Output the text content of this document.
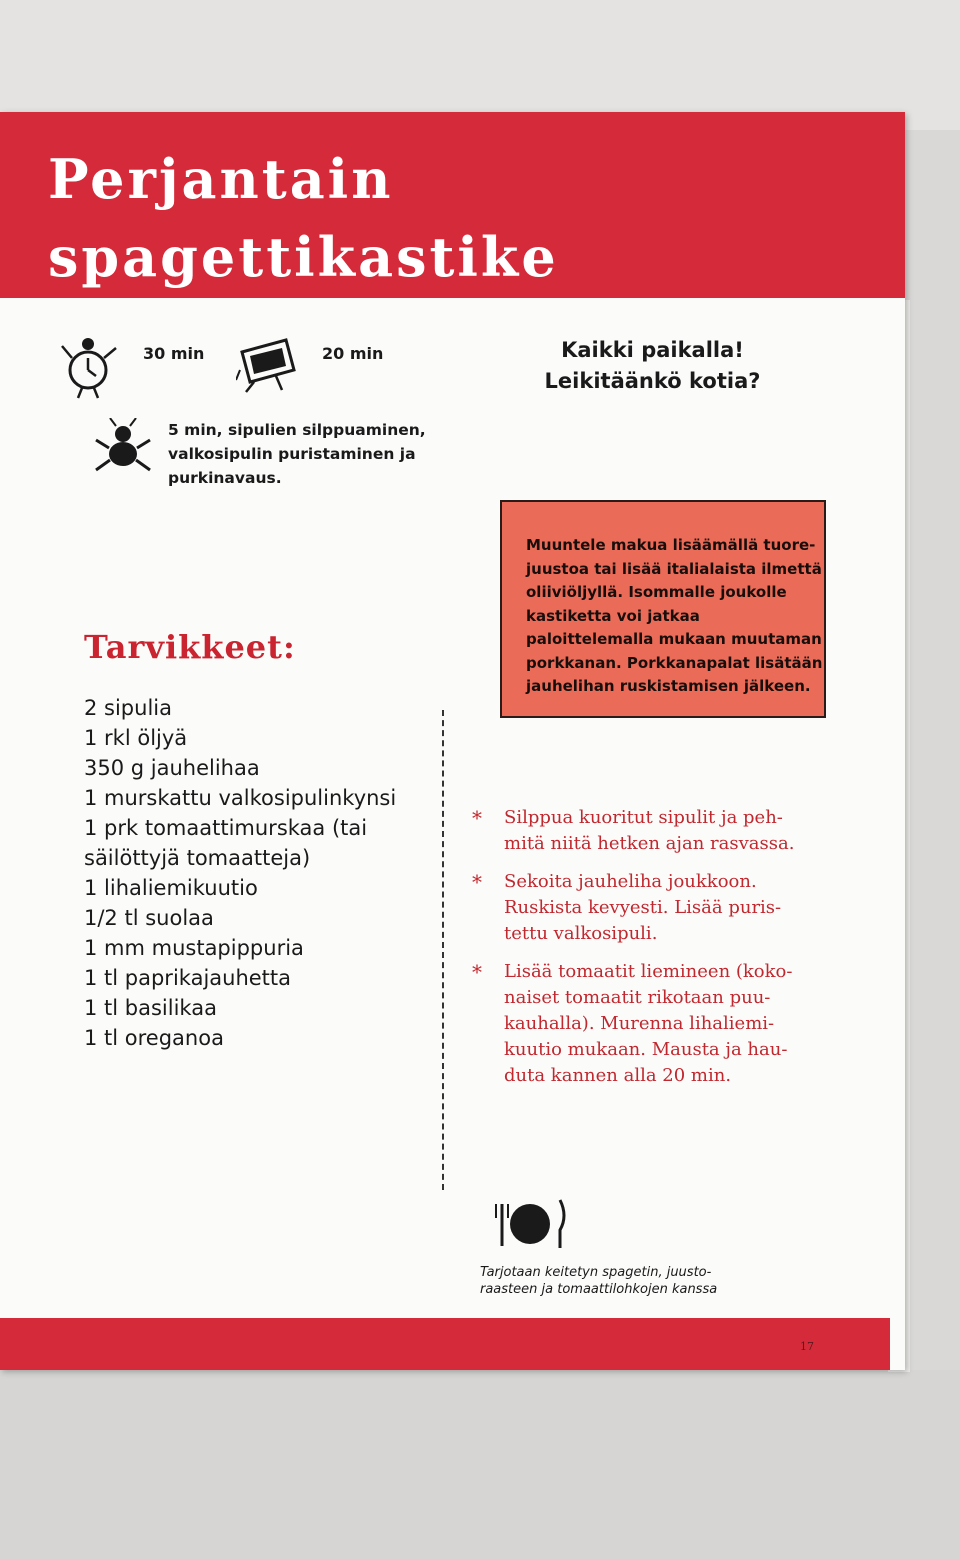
Perjantain
spagettikastike
30 min	20 min
5 min, sipulien silppuaminen, valkosipulin puristaminen ja purkinavaus.
Kaikki paikalla!
Leikitäänkö kotia?
Muuntele makua lisäämällä tuorejuustoa tai lisää italialaista ilmettä oliiviöljyllä. Isommalle joukolle kastiketta voi jatkaa paloittelemalla mukaan muutaman porkkanan. Porkkanapalat lisätään jauhelihan ruskistamisen jälkeen.
Tarvikkeet:
2 sipulia
1 rkl öljyä
350 g jauhelihaa
1 murskattu valkosipulinkynsi
1 prk tomaattimurskaa (tai
säilöttyjä tomaatteja)
1 lihaliemikuutio
1/2 tl suolaa
1 mm mustapippuria
1 tl paprikajauhetta
1 tl basilikaa
1 tl oreganoa
* Silppua kuoritut sipulit ja pehmitä niitä hetken ajan rasvassa.
* Sekoita jauheliha joukkoon. Ruskista kevyesti. Lisää puristettu valkosipuli.
* Lisää tomaatit liemineen (kokonaiset tomaatit rikotaan puukauhalla). Murenna lihaliemikuutio mukaan. Mausta ja hauduta kannen alla 20 min.
Tarjotaan keitetyn spagetin, juustoraasteen ja tomaattilohkojen kanssa
17
